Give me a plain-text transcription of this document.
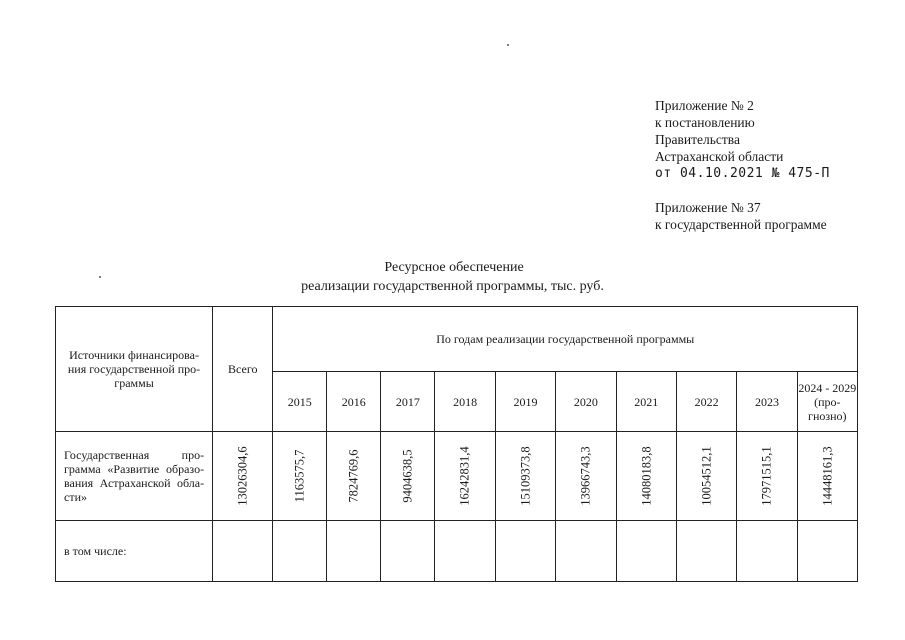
Приложение № 2
к постановлению
Правительства
Астраханской области
от 04.10.2021 № 475-П
Приложение № 37
к государственной программе
Ресурсное обеспечение
реализации государственной программы, тыс. руб.
Источники финансирова-ния государственной про-граммы	Всего	По годам реализации государственной программы									
		2015	2016	2017	2018	2019	2020	2021	2022	2023	2024 - 2029 (про-гнозно)
Государственная про-грамма «Развитие образо-вания Астраханской обла-сти»	13026304,6	1163575,7	7824769,6	9404638,5	16242831,4	15109373,8	13966743,3	14080183,8	10054512,1	17971515,1	14448161,3
в том числе:											
